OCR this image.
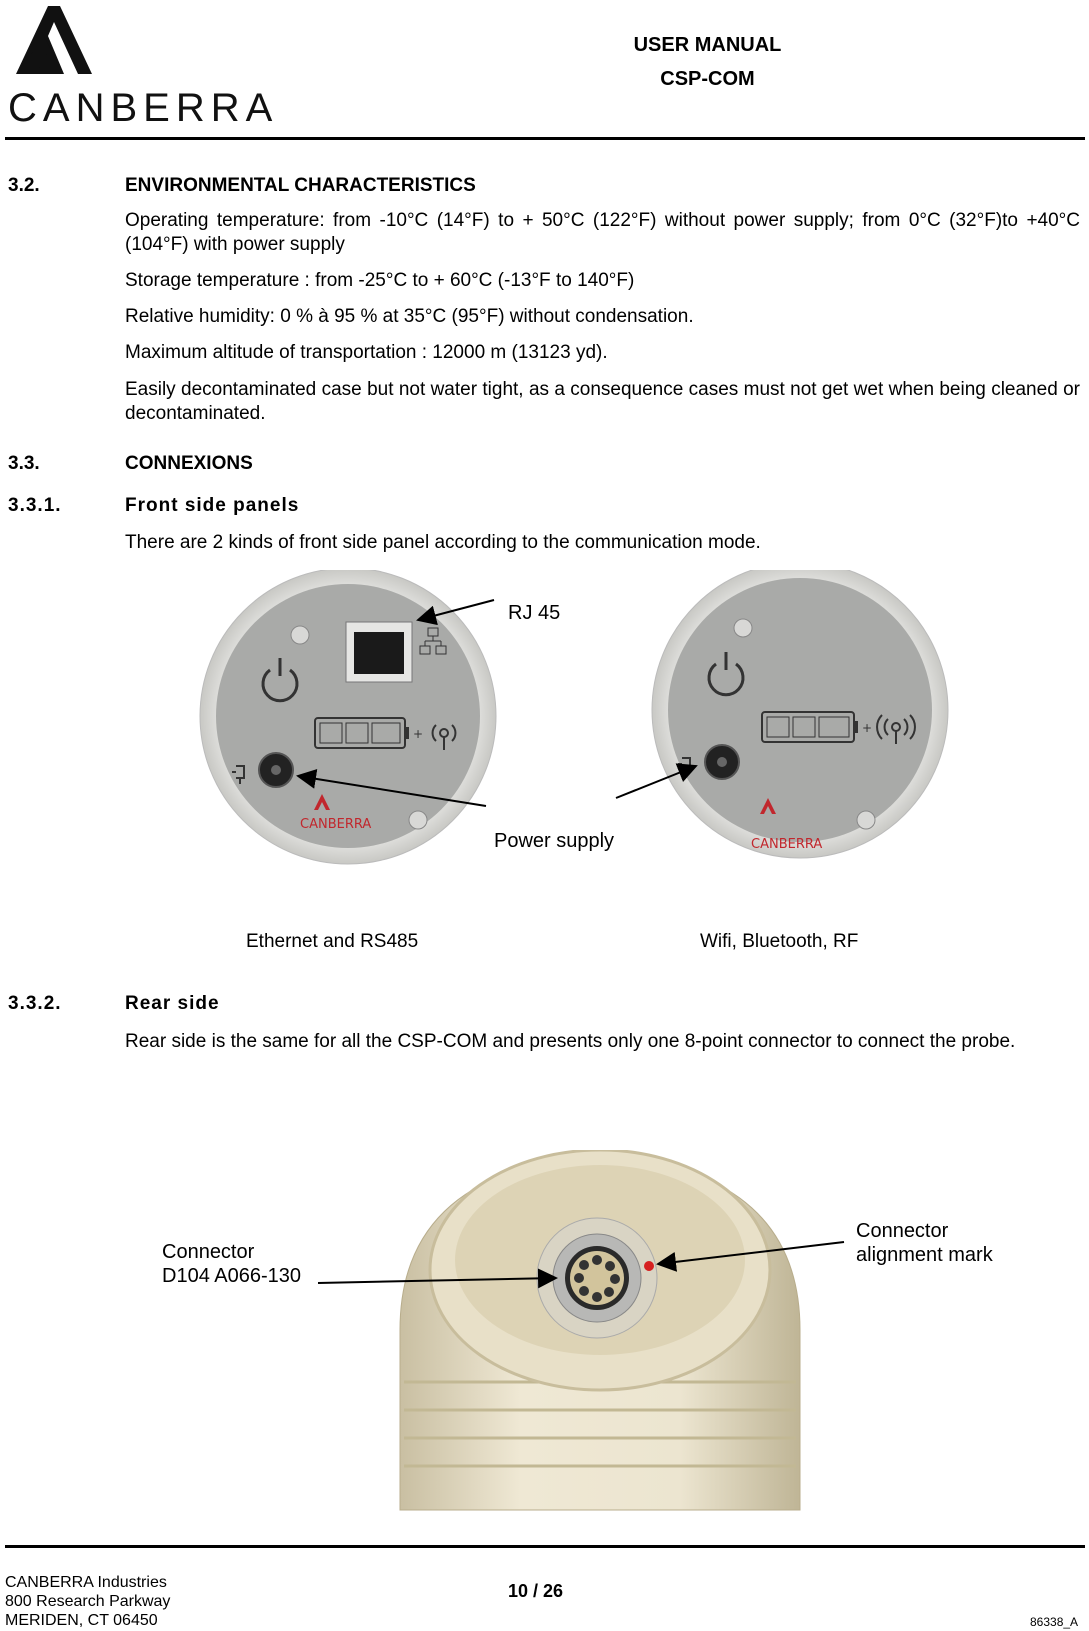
CANBERRA
USER MANUAL
CSP-COM
3.2.	ENVIRONMENTAL CHARACTERISTICS
Operating temperature: from -10°C (14°F) to + 50°C (122°F) without power supply; from 0°C (32°F)to +40°C (104°F) with power supply
Storage temperature : from -25°C to + 60°C (-13°F to 140°F)
Relative humidity: 0 % à 95 % at 35°C (95°F) without condensation.
Maximum altitude of transportation : 12000 m (13123 yd).
Easily decontaminated case but not water tight, as a consequence cases must not get wet when being cleaned or decontaminated.
3.3.	CONNEXIONS
3.3.1.	Front side panels
There are 2 kinds of front side panel according to the communication mode.
+
CANBERRA
+
CANBERRA
RJ 45
Power supply
Ethernet and RS485	Wifi, Bluetooth, RF
3.3.2.	Rear side
Rear side is the same for all the CSP-COM and presents only one 8-point connector to connect the probe.
Connector
D104 A066-130
Connector
alignment mark
CANBERRA Industries
800 Research Parkway
MERIDEN, CT 06450
10 / 26
86338_A
